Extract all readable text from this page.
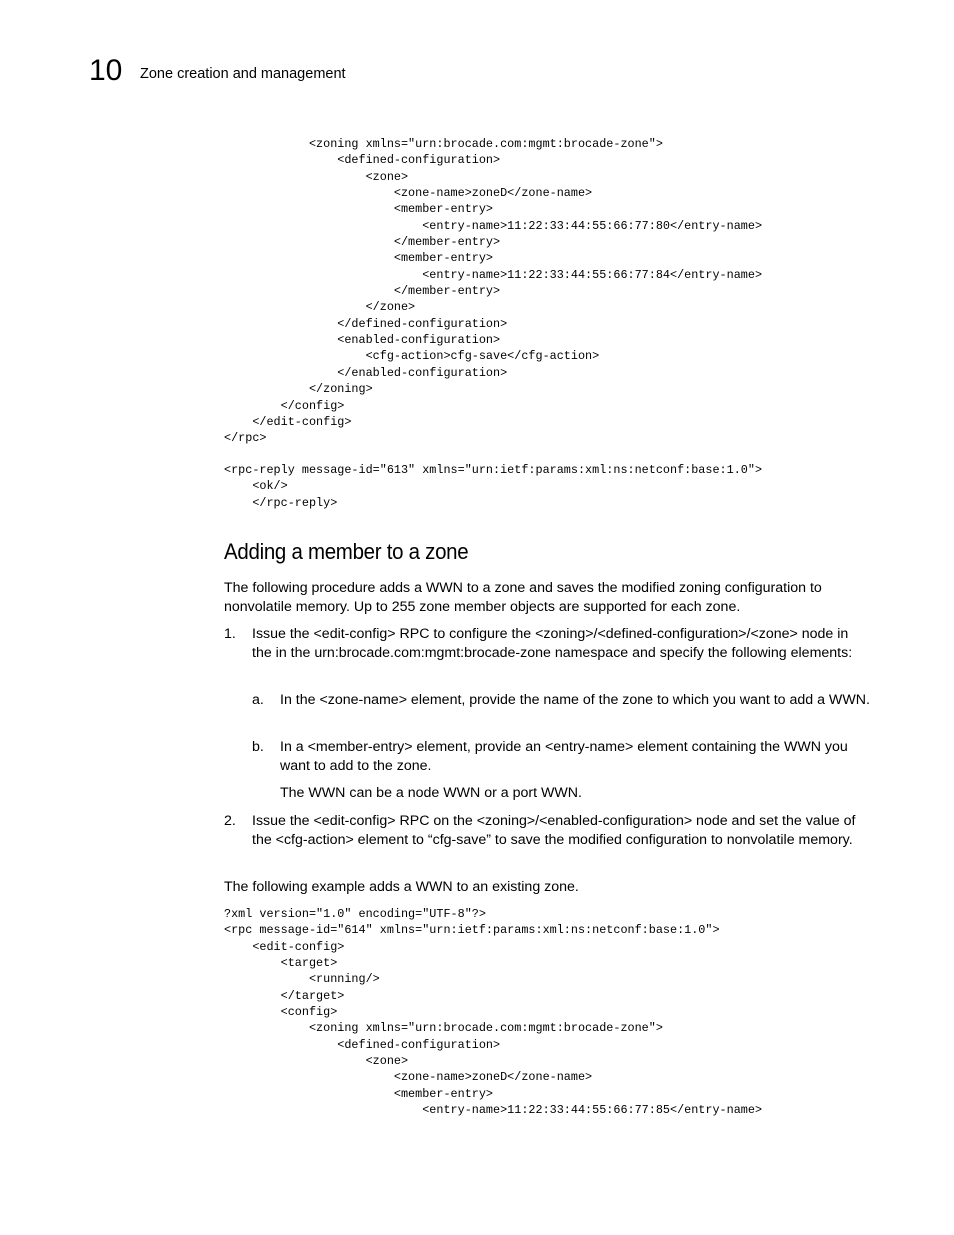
10 Zone creation and management
<zoning xmlns="urn:brocade.com:mgmt:brocade-zone">
<defined-configuration>
<zone>
<zone-name>zoneD</zone-name>
<member-entry>
<entry-name>11:22:33:44:55:66:77:80</entry-name>
</member-entry>
<member-entry>
<entry-name>11:22:33:44:55:66:77:84</entry-name>
</member-entry>
</zone>
</defined-configuration>
<enabled-configuration>
<cfg-action>cfg-save</cfg-action>
</enabled-configuration>
</zoning>
</config>
</edit-config>
</rpc>
<rpc-reply message-id="613" xmlns="urn:ietf:params:xml:ns:netconf:base:1.0">
<ok/>
</rpc-reply>
Adding a member to a zone

The following procedure adds a WWN to a zone and saves the modified zoning configuration to nonvolatile memory. Up to 255 zone member objects are supported for each zone.

1. Issue the <edit-config> RPC to configure the <zoning>/<defined-configuration>/<zone> node in the in the urn:brocade.com:mgmt:brocade-zone namespace and specify the following elements:
a. In the <zone-name> element, provide the name of the zone to which you want to add a WWN.
b. In a <member-entry> element, provide an <entry-name> element containing the WWN you want to add to the zone.
The WWN can be a node WWN or a port WWN.
2. Issue the <edit-config> RPC on the <zoning>/<enabled-configuration> node and set the value of the <cfg-action> element to “cfg-save” to save the modified configuration to nonvolatile memory.

The following example adds a WWN to an existing zone.

?xml version="1.0" encoding="UTF-8"?>
<rpc message-id="614" xmlns="urn:ietf:params:xml:ns:netconf:base:1.0">
<edit-config>
<target>
<running/>
</target>
<config>
<zoning xmlns="urn:brocade.com:mgmt:brocade-zone">
<defined-configuration>
<zone>
<zone-name>zoneD</zone-name>
<member-entry>
<entry-name>11:22:33:44:55:66:77:85</entry-name>
